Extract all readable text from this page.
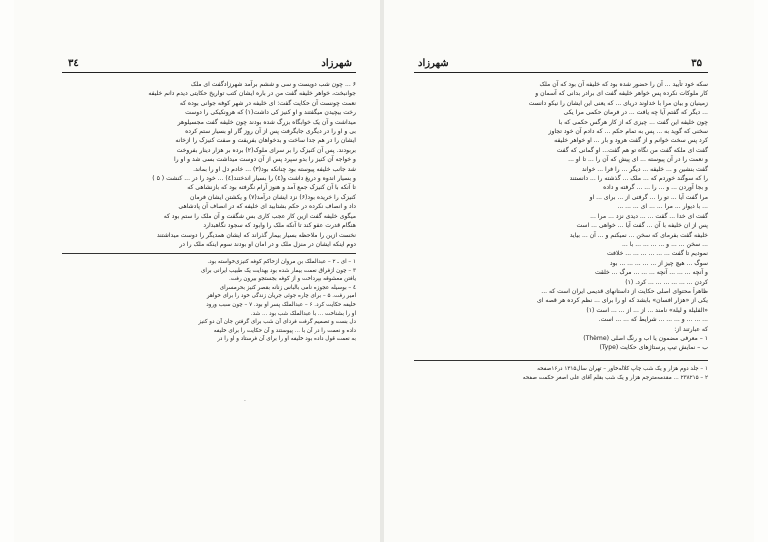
۳٤	شهرزاد

۶ ... چون شب دویست و سی و ششم برآمد شهرزادگفت ای ملک

جوانبخت، خواهر خلیفه گفت من در باره ایشان کتب تواریخ حکایتی دیدم دانم خلیفه

نعمت چونست آن حکایت گفت: ای خلیفه در شهر کوفه جوانی بوده که

رخت بیچیدن میگفتند و او کنیز کی داشت(۱) که هرونکیکی را دوست

میداشت و آن یک خوابگاه بزرگ شده بودند چون خلیفه گفت مجسیلوهر

بی و او را در دیگری جایگرفت پس از آن روز گار او بسیار ستم کرده

ایشان را در هم جدا ساخت و بدخواهان بفریفت و صفت کنیزک را ازخانه

بربودند. پس آن کنیزک را بر سرای ملوک(۲) برده بر هزار دینار بفروخت

و خواجه آن کنیز را بدو سپرد پس از آن دوست میداشت بسی شد و او را

شد جانب خلیفه پیوسته بود چنانکه بود(۳) ... خادم دل او را بماند.

و بسیار اندوه و دریغ داشت و(٤) را بسیار اندختند(٤) ... خود را در ... کنشت ( ۵ )

تا آنکه با آن کنیزک جمع آمد و هنوز آرام نگرفته بود که بازنشاهی که

کنیزک را خریده بود(۶) نزد ایشان درآمد(۷) و یکشتن ایشان فرمان

داد و انصاف نکرده در حکم بشتابید ای خلیفه که در انصاف آن پادشاهی

میگوی خلیفه گفت ازین کار عجب کاری بس شگفت و آن ملک را ستم بود که

هنگام قدرت عفو کند تا آنکه ملک را وابود که سجود نگاهبدارد

نخست ازین را ملاحظه بسیار بیمار گذراند که ایشان همدیگر را دوست میداشتند

دوم اینکه ایشان در منزل ملک و در امان او بودند سوم اینکه ملک را در

۱ – ای ـ ۲ – عبدالملک بن مروان ازحاکم کوفه کنیزی‌خواسته بود.

۳ – چون ازفراق نعمت بیمار شده بود بهدایت یک طبیب ایرانی برای

یافتن معشوقه بپرداخت و از کوفه بجستجو بیرون رفت.

٤ – بوسیله عجوزه نامی بالباس زنانه بقصر کنیز بحرمسرای

امیر رفت. ۵ – برای چاره جوئی جریان زندگی خود را برای خواهر

خلیفه حکایت کرد. ۶ – عبدالملک پسر او بود. ۷ – چون سبب ورود

او را بشناخت ... با عبدالملک شب بود ... شد.

دل بست و تصمیم گرفت فردای آن شب برای گرفتن جان آن دو کنیز

داده و نعمت را در آن با ... پیوستند و آن حکایت را برای خلیفه

به نعمت قول داده بود خلیفه او را برای آن فرستاد و او را در

·
۳۵
شهرزاد

سکه خود تأیید ... آن را حضور شده بود که خلیفه آن بود که آن ملک

کار ملوکات نکرده پس خواهر خلیفه گفت ای برادر بدانی که آسمان و

زمینیان و بیان مرا با خداوند دریای ... که یعنی این ایشان را نیکو دانست

... دیگر که گفتم آیا چه یافت ... در فرمان حکمی مرا یکی

چون خلیفه این گفت ... چیزی که از کار هرگس حکمی که با

سخنی که گوید به ... پس به تمام حکم ... که دادم آن خود تجاوز

کرد پس سخت خوانم و از گفت هرود و بار ... او خواهر خلیفه

گفت ای ملکه گفت من نگاه تو هم گفت... او گمانی که گفت

و نعمت را در آن پیوسته ... ای پیش که آن را ... تا او ...

گفت بنشین و ... خلیفه ... دیگر ... را فرا ... خواند

را که سوگند خوردم که ... ملک ... گذشته را ... دانستند

و بجا آوردن ... و ... را ... ... گرفته و داده

مرا گفت آیا ... تو را ... گرفتی از ... برای ... او

... با دیوار ... مرا ... ... ای ... ... ...

گفت ای خدا ... گفت ... ... دیدی نزد ... مرا ...

پس از ان خلیفه با آن ... گفت آیا ... خواهی ... است

خلیفه گفت بفرمای که سخن ... نمیکنم و ... آن ... بیاید

... سخن ... ... و ... ... ... ... با ...

نمودیم تا گفت ... ... ... ... ... ... خلافت

سوگ ... هیچ چیز از ... ... ... ... ... بود

و آنچه ... ... ... آنچه ... ... ... مرگ ... خلقت

کردن ... ... ... ... ... ... کرد. (۱)

ظاهراً محتوای اصلی حکایت از داستانهای قدیمی ایران است که ...

یکی از «هزار افسان» بابشد که او را برای ... نظم کرده هر قصه ای

«الفلیلة و لیلة» نامند ... از ... از ... ... است (۱)

... ... ... و ... ... ... شرایط که ... ... است.

که عبارتند از:

۱ – معرفی مضمون یا اب و رنگ اصلی (Thème)

ب – نمایش تیپ پرستاژهای حکایت (Type)

۱ – جلد دوم هزار و یک شب چاپ کلاله‌خاور – تهران سال۱۳۱۵ در۱۶صفحه

۲ – ۲۳۸۲۱۵ ... مقدمه‌مترجم هزار و یک شب بقلم آقای علی اصغر حکمت صفحه
